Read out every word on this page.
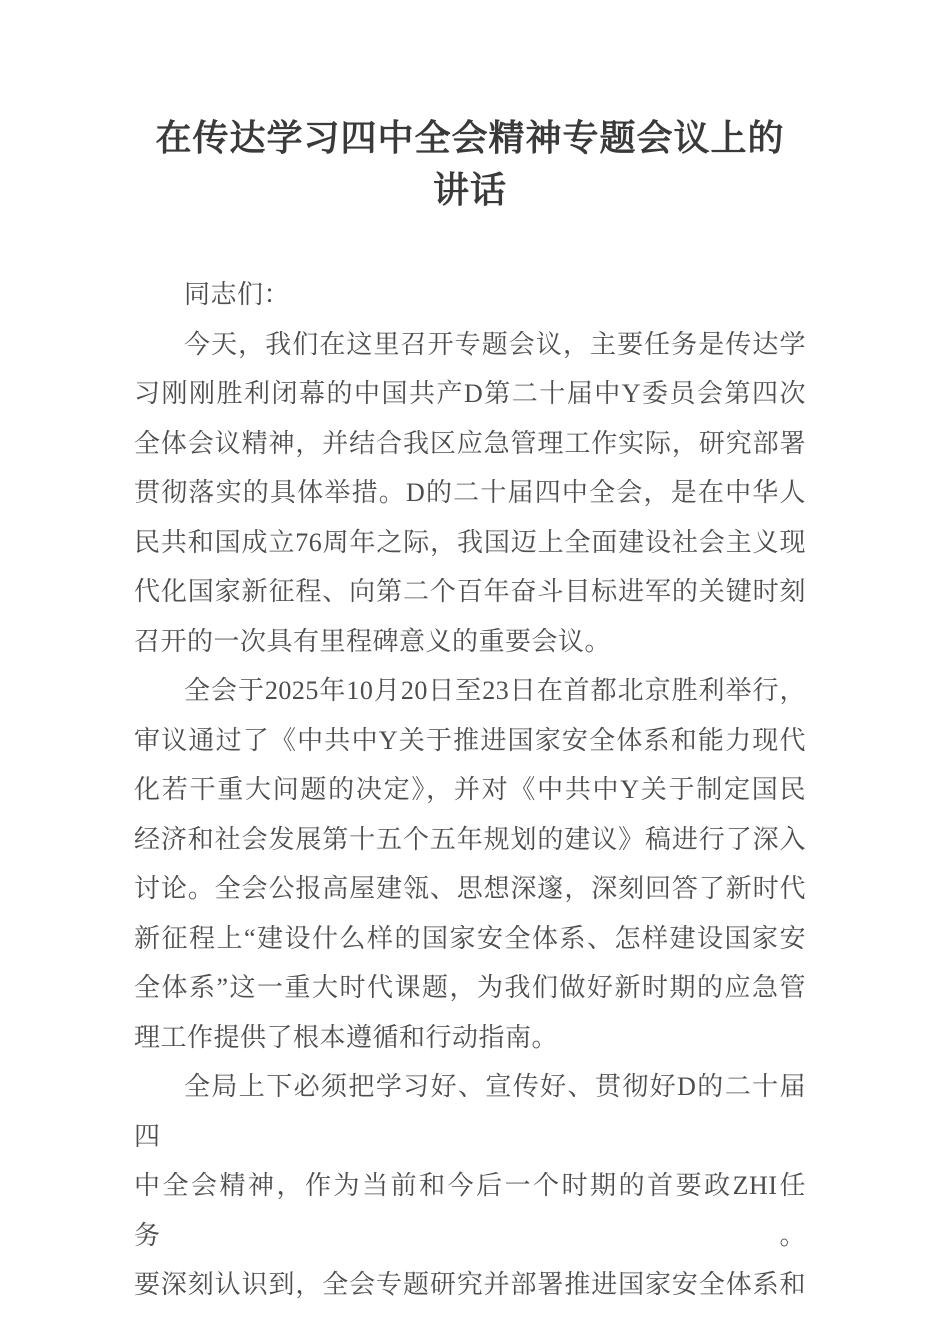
在传达学习四中全会精神专题会议上的
讲话

同志们：

今天，我们在这里召开专题会议，主要任务是传达学
习刚刚胜利闭幕的中国共产D第二十届中Y委员会第四次
全体会议精神，并结合我区应急管理工作实际，研究部署
贯彻落实的具体举措。D的二十届四中全会，是在中华人
民共和国成立76周年之际，我国迈上全面建设社会主义现
代化国家新征程、向第二个百年奋斗目标进军的关键时刻
召开的一次具有里程碑意义的重要会议。

全会于2025年10月20日至23日在首都北京胜利举行，
审议通过了《中共中Y关于推进国家安全体系和能力现代
化若干重大问题的决定》，并对《中共中Y关于制定国民
经济和社会发展第十五个五年规划的建议》稿进行了深入
讨论。全会公报高屋建瓴、思想深邃，深刻回答了新时代
新征程上“建设什么样的国家安全体系、怎样建设国家安
全体系”这一重大时代课题，为我们做好新时期的应急管
理工作提供了根本遵循和行动指南。

全局上下必须把学习好、宣传好、贯彻好D的二十届四
中全会精神，作为当前和今后一个时期的首要政ZHI任务。
要深刻认识到，全会专题研究并部署推进国家安全体系和
